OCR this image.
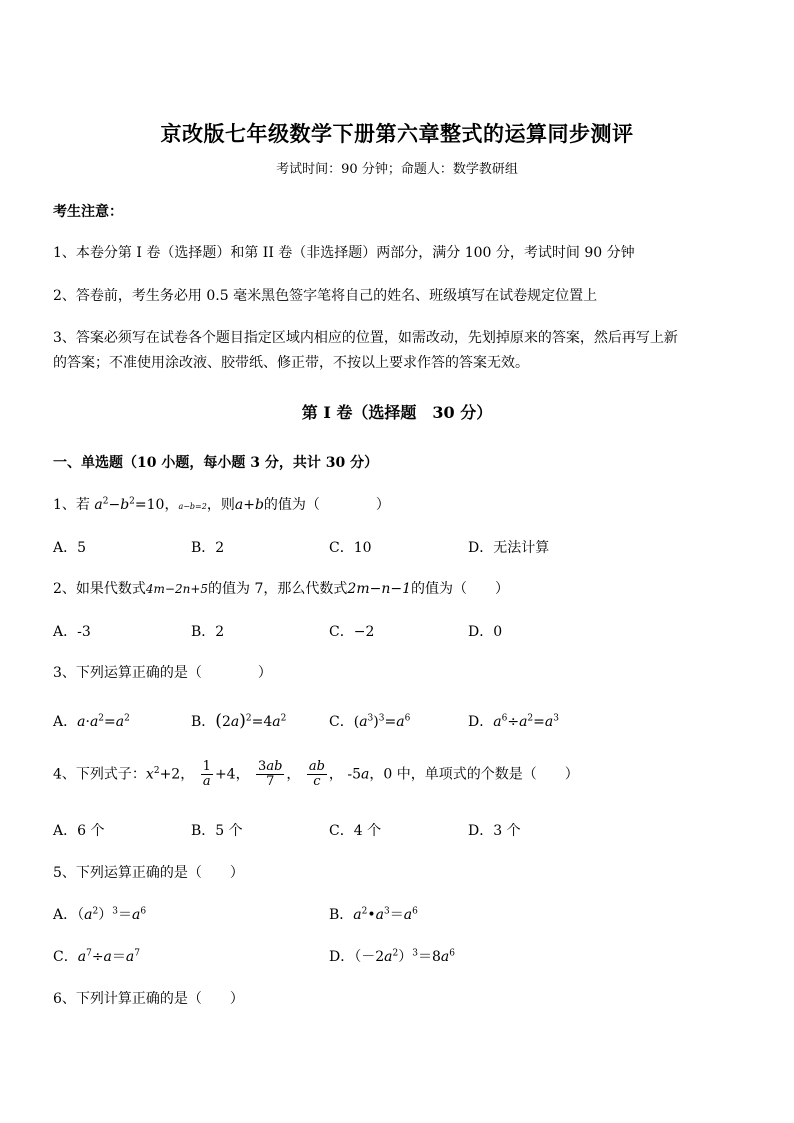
京改版七年级数学下册第六章整式的运算同步测评
考试时间：90 分钟；命题人：数学教研组
考生注意：
1、本卷分第 I 卷（选择题）和第 II 卷（非选择题）两部分，满分 100 分，考试时间 90 分钟
2、答卷前，考生务必用 0.5 毫米黑色签字笔将自己的姓名、班级填写在试卷规定位置上
3、答案必须写在试卷各个题目指定区域内相应的位置，如需改动，先划掉原来的答案，然后再写上新
的答案；不准使用涂改液、胶带纸、修正带，不按以上要求作答的答案无效。
第 I 卷（选择题　30 分）
一、单选题（10 小题，每小题 3 分，共计 30 分）
1、若 $a^2-b^2=10$，a−b=2，则a+b的值为（　　　　）
A．5	B．2	C．10	D．无法计算
2、如果代数式4m−2n+5的值为 7，那么代数式2m−n−1的值为（　　）
A．-3	B．2	C．−2	D．0
3、下列运算正确的是（　　　　）
A．$a\cdot a^2=a^2$	B．$(2a)^2=4a^2$	C．$(a^3)^3=a^6$	D．$a^6\div a^2=a^3$
4、下列式子：$x^2+2$， $\frac{1}{a} +4$， $\frac{3ab}{7}$ ， $\frac{ab}{c}$ ， -5a，0 中，单项式的个数是（　　）
A．6 个	B．5 个	C．4 个	D．3 个
5、下列运算正确的是（　　）
A．$(a^2)^3=a^6$	B．$a^2•a^3=a^6$
C．$a^7\div a=a^7$	D．$(-2a^2)^3=8a^6$
6、下列计算正确的是（　　）
